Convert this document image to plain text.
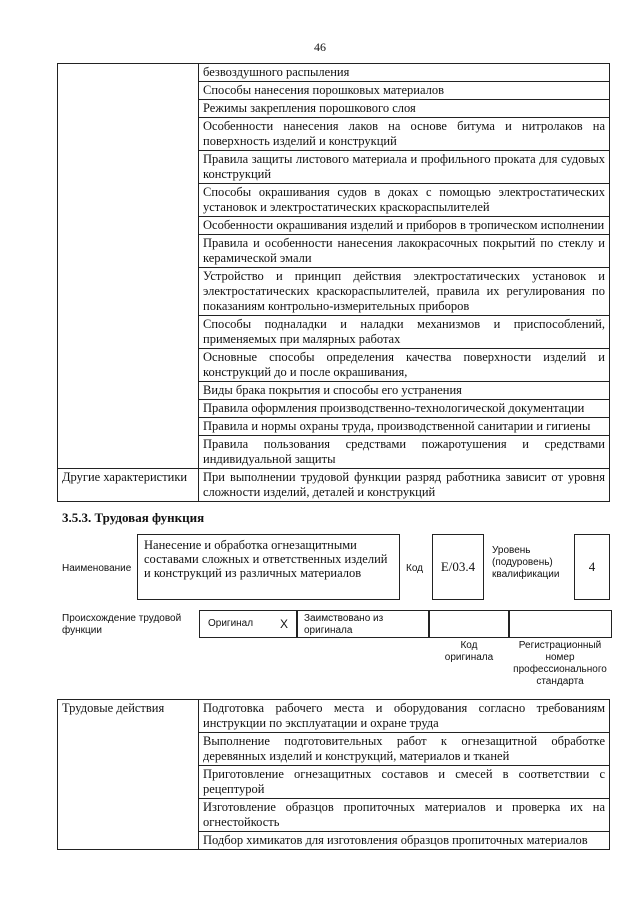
46
	безвоздушного распыления
	Способы нанесения порошковых материалов
	Режимы закрепления порошкового слоя
	Особенности нанесения лаков на основе битума и нитролаков на поверхность изделий и конструкций
	Правила защиты листового материала и профильного проката для судовых конструкций
	Способы окрашивания судов в доках с помощью электростатических установок и электростатических краскораспылителей
	Особенности окрашивания изделий и приборов в тропическом исполнении
	Правила и особенности нанесения лакокрасочных покрытий по стеклу и керамической эмали
	Устройство и принцип действия электростатических установок и электростатических краскораспылителей, правила их регулирования по показаниям контрольно-измерительных приборов
	Способы подналадки и наладки механизмов и приспособлений, применяемых при малярных работах
	Основные способы определения качества поверхности изделий и конструкций до и после окрашивания,
	Виды брака покрытия и способы его устранения
	Правила оформления производственно-технологической документации
	Правила и нормы охраны труда, производственной санитарии и гигиены
	Правила пользования средствами пожаротушения и средствами индивидуальной защиты
Другие характеристики	При выполнении трудовой функции разряд работника зависит от уровня сложности изделий, деталей и конструкций
3.5.3. Трудовая функция
Наименование
Нанесение и обработка огнезащитными составами сложных и ответственных изделий и конструкций из различных материалов	Код	E/03.4
Уровень (подуровень) квалификации
4
Происхождение трудовой функции
Оригинал X	Заимствовано из оригинала
Код оригинала
Регистрационный номер профессионального стандарта
Трудовые действия	Подготовка рабочего места и оборудования согласно требованиям инструкции по эксплуатации и охране труда
Выполнение подготовительных работ к огнезащитной обработке деревянных изделий и конструкций, материалов и тканей
Приготовление огнезащитных составов и смесей в соответствии с рецептурой
Изготовление образцов пропиточных материалов и проверка их на огнестойкость
Подбор химикатов для изготовления образцов пропиточных материалов
